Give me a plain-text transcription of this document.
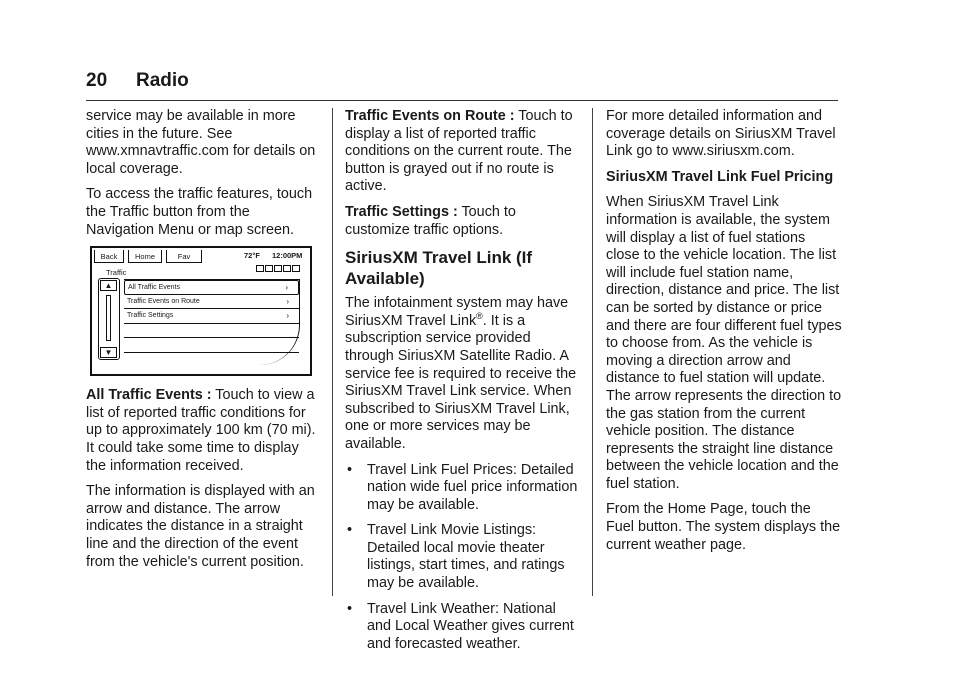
20 Radio

service may be available in more cities in the future. See www.xmnavtraffic.com for details on local coverage.

To access the traffic features, touch the Traffic button from the Navigation Menu or map screen.

All Traffic Events : Touch to view a list of reported traffic conditions for up to approximately 100 km (70 mi). It could take some time to display the information received.

The information is displayed with an arrow and distance. The arrow indicates the distance in a straight line and the direction of the event from the vehicle's current position.

Back	Home	Fav	72°F 12:00PM
Traffic
▲
▼
All Traffic Events	›
Traffic Events on Route	›
Traffic Settings	›

Traffic Events on Route : Touch to display a list of reported traffic conditions on the current route. The button is grayed out if no route is active.

Traffic Settings : Touch to customize traffic options.

SiriusXM Travel Link (If Available)

The infotainment system may have SiriusXM Travel Link®. It is a subscription service provided through SiriusXM Satellite Radio. A service fee is required to receive the SiriusXM Travel Link service. When subscribed to SiriusXM Travel Link, one or more services may be available.

• Travel Link Fuel Prices: Detailed nation wide fuel price information may be available.
• Travel Link Movie Listings: Detailed local movie theater listings, start times, and ratings may be available.
• Travel Link Weather: National and Local Weather gives current and forecasted weather.

For more detailed information and coverage details on SiriusXM Travel Link go to www.siriusxm.com.

SiriusXM Travel Link Fuel Pricing

When SiriusXM Travel Link information is available, the system will display a list of fuel stations close to the vehicle location. The list will include fuel station name, direction, distance and price. The list can be sorted by distance or price and there are four different fuel types to choose from. As the vehicle is moving a direction arrow and distance to fuel station will update. The arrow represents the direction to the gas station from the current vehicle position. The distance represents the straight line distance between the vehicle location and the fuel station.

From the Home Page, touch the Fuel button. The system displays the current weather page.
